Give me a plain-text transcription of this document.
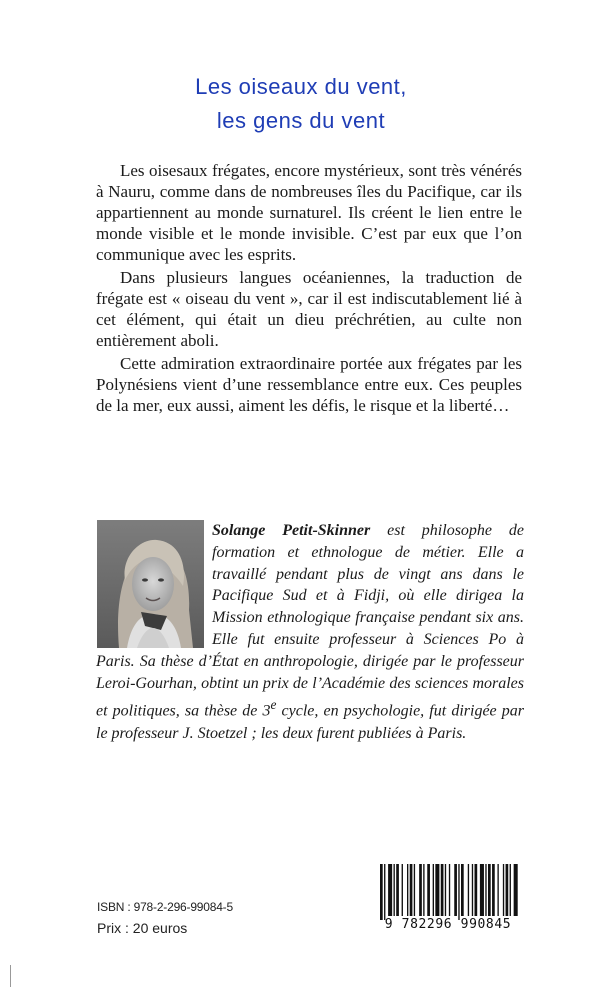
Les oiseaux du vent,
les gens du vent

Les oisesaux frégates, encore mystérieux, sont très vénérés à Nauru, comme dans de nombreuses îles du Pacifique, car ils appartiennent au monde surnaturel. Ils créent le lien entre le monde visible et le monde invisible. C’est par eux que l’on communique avec les esprits.

Dans plusieurs langues océaniennes, la traduction de frégate est « oiseau du vent », car il est indiscutablement lié à cet élément, qui était un dieu préchrétien, au culte non entièrement aboli.

Cette admiration extraordinaire portée aux frégates par les Polynésiens vient d’une ressemblance entre eux. Ces peuples de la mer, eux aussi, aiment les défis, le risque et la liberté…

Solange Petit-Skinner est philosophe de formation et ethnologue de métier. Elle a travaillé pendant plus de vingt ans dans le Pacifique Sud et à Fidji, où elle dirigea la Mission ethnologique française pendant six ans. Elle fut ensuite professeur à Sciences Po à Paris. Sa thèse d’État en anthropologie, dirigée par le professeur Leroi-Gourhan, obtint un prix de l’Académie des sciences morales et politiques, sa thèse de 3e cycle, en psychologie, fut dirigée par le professeur J. Stoetzel ; les deux furent publiées à Paris.
ISBN : 978-2-296-99084-5
Prix : 20 euros	9 782296 990845
